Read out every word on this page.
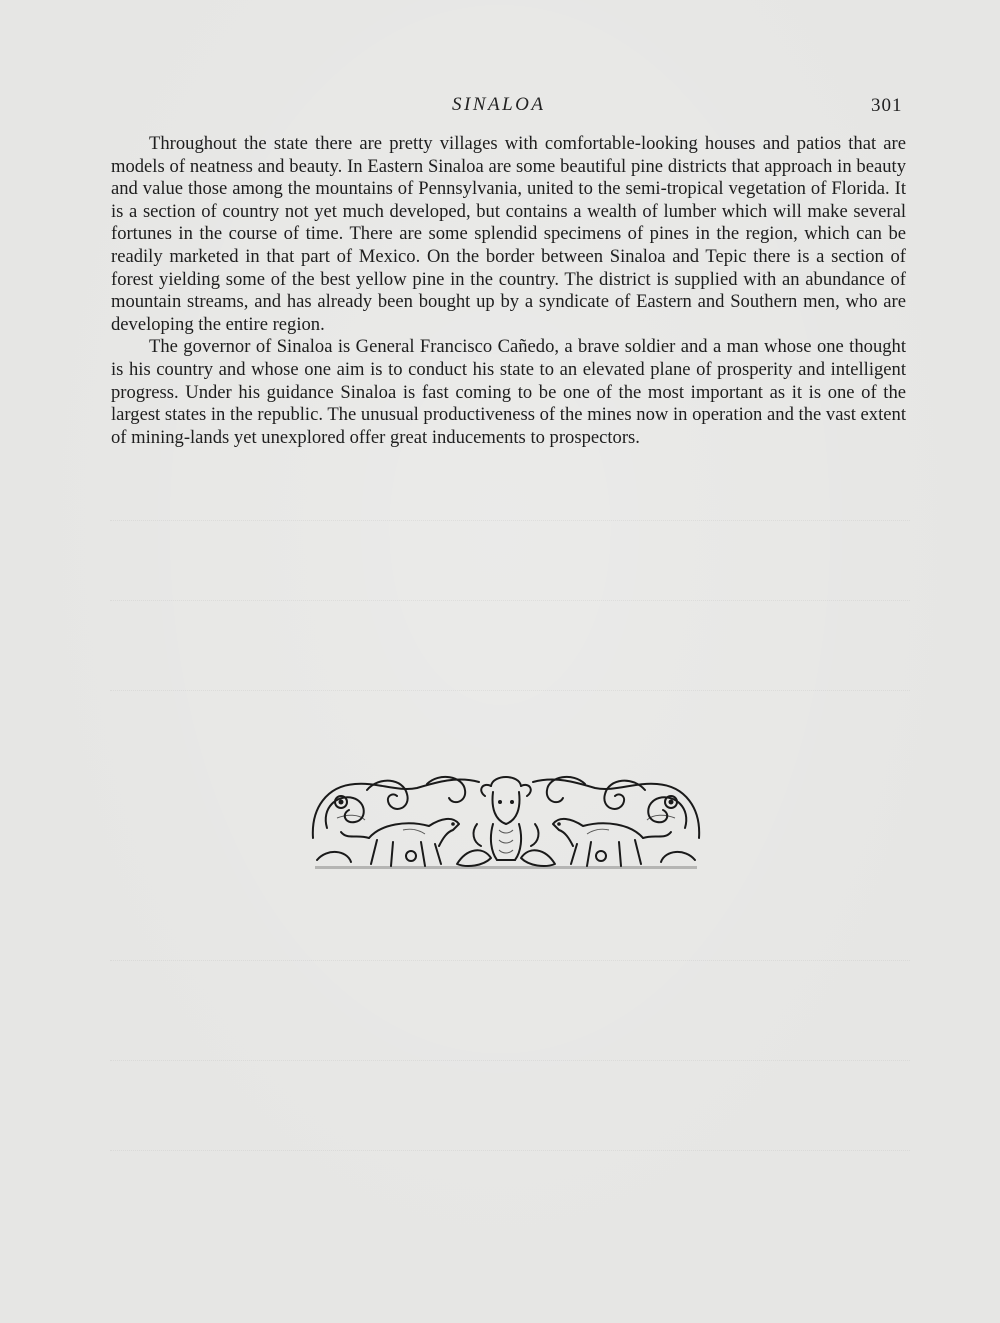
SINALOA	301

Throughout the state there are pretty villages with comfortable-looking houses and patios that are models of neatness and beauty. In Eastern Sinaloa are some beautiful pine districts that approach in beauty and value those among the mountains of Pennsylvania, united to the semi-tropical vegetation of Florida. It is a section of country not yet much developed, but contains a wealth of lumber which will make several fortunes in the course of time. There are some splendid specimens of pines in the region, which can be readily marketed in that part of Mexico. On the border between Sinaloa and Tepic there is a section of forest yielding some of the best yellow pine in the country. The district is supplied with an abundance of mountain streams, and has already been bought up by a syndicate of Eastern and Southern men, who are developing the entire region.

The governor of Sinaloa is General Francisco Cañedo, a brave soldier and a man whose one thought is his country and whose one aim is to conduct his state to an elevated plane of prosperity and intelligent progress. Under his guidance Sinaloa is fast coming to be one of the most important as it is one of the largest states in the republic. The unusual productiveness of the mines now in operation and the vast extent of mining-lands yet unexplored offer great inducements to prospectors.
